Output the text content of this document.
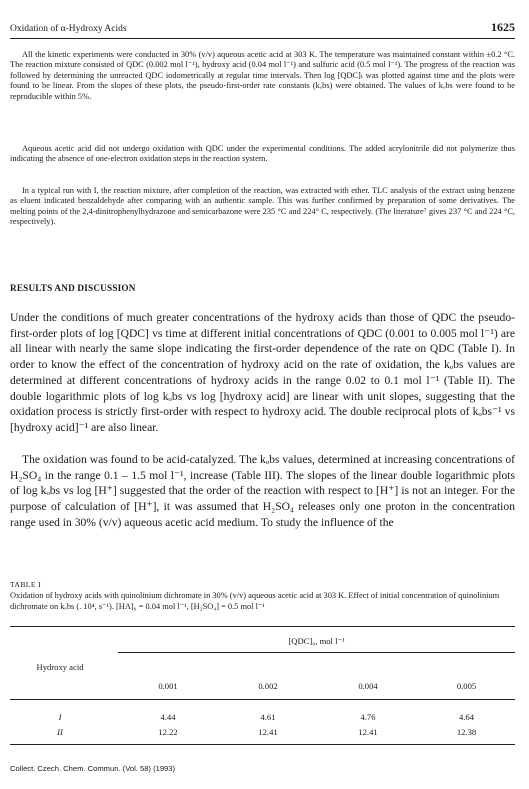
Oxidation of α-Hydroxy Acids	1625

All the kinetic experiments were conducted in 30% (v/v) aqueous acetic acid at 303 K. The temperature was maintained constant within ±0.2 °C. The reaction mixture consisted of QDC (0.002 mol l⁻¹), hydroxy acid (0.04 mol l⁻¹) and sulfuric acid (0.5 mol l⁻¹). The progress of the reaction was followed by determining the unreacted QDC iodometrically at regular time intervals. Then log [QDC]ₜ was plotted against time and the plots were found to be linear. From the slopes of these plots, the pseudo-first-order rate constants (kₒbs) were obtained. The values of kₒbs were found to be reproducible within 5%.

Aqueous acetic acid did not undergo oxidation with QDC under the experimental conditions. The added acrylonitrile did not polymerize thus indicating the absence of one-electron oxidation steps in the reaction system.

In a typical run with I, the reaction mixture, after completion of the reaction, was extracted with ether. TLC analysis of the extract using benzene as eluent indicated benzaldehyde after comparing with an authentic sample. This was further confirmed by preparation of some derivatives. The melting points of the 2,4-dinitrophenylhydrazone and semicarbazone were 235 °C and 224° C, respectively. (The literature⁷ gives 237 °C and 224 °C, respectively).

RESULTS AND DISCUSSION

Under the conditions of much greater concentrations of the hydroxy acids than those of QDC the pseudo-first-order plots of log [QDC] vs time at different initial concentrations of QDC (0.001 to 0.005 mol l⁻¹) are all linear with nearly the same slope indicating the first-order dependence of the rate on QDC (Table I). In order to know the effect of the concentration of hydroxy acid on the rate of oxidation, the kₒbs values are determined at different concentrations of hydroxy acids in the range 0.02 to 0.1 mol l⁻¹ (Table II). The double logarithmic plots of log kₒbs vs log [hydroxy acid] are linear with unit slopes, suggesting that the oxidation process is strictly first-order with respect to hydroxy acid. The double reciprocal plots of kₒbs⁻¹ vs [hydroxy acid]⁻¹ are also linear.

The oxidation was found to be acid-catalyzed. The kₒbs values, determined at increasing concentrations of H₂SO₄ in the range 0.1 – 1.5 mol l⁻¹, increase (Table III). The slopes of the linear double logarithmic plots of log kₒbs vs log [H⁺] suggested that the order of the reaction with respect to [H⁺] is not an integer. For the purpose of calculation of [H⁺], it was assumed that H₂SO₄ releases only one proton in the concentration range used in 30% (v/v) aqueous acetic acid medium. To study the influence of the

TABLE I

Oxidation of hydroxy acids with quinolinium dichromate in 30% (v/v) aqueous acetic acid at 303 K. Effect of initial concentration of quinolinium dichromate on kₒbs (. 10⁴, s⁻¹). [HA]₀ = 0.04 mol l⁻¹, [H₂SO₄] = 0.5 mol l⁻¹

[QDC]₀, mol l⁻¹
Hydroxy acid
0.001	0.002	0.004	0.005
I	4.44	4.61	4.76	4.64
II	12.22	12.41	12.41	12.38
Collect. Czech. Chem. Commun. (Vol. 58) (1993)
